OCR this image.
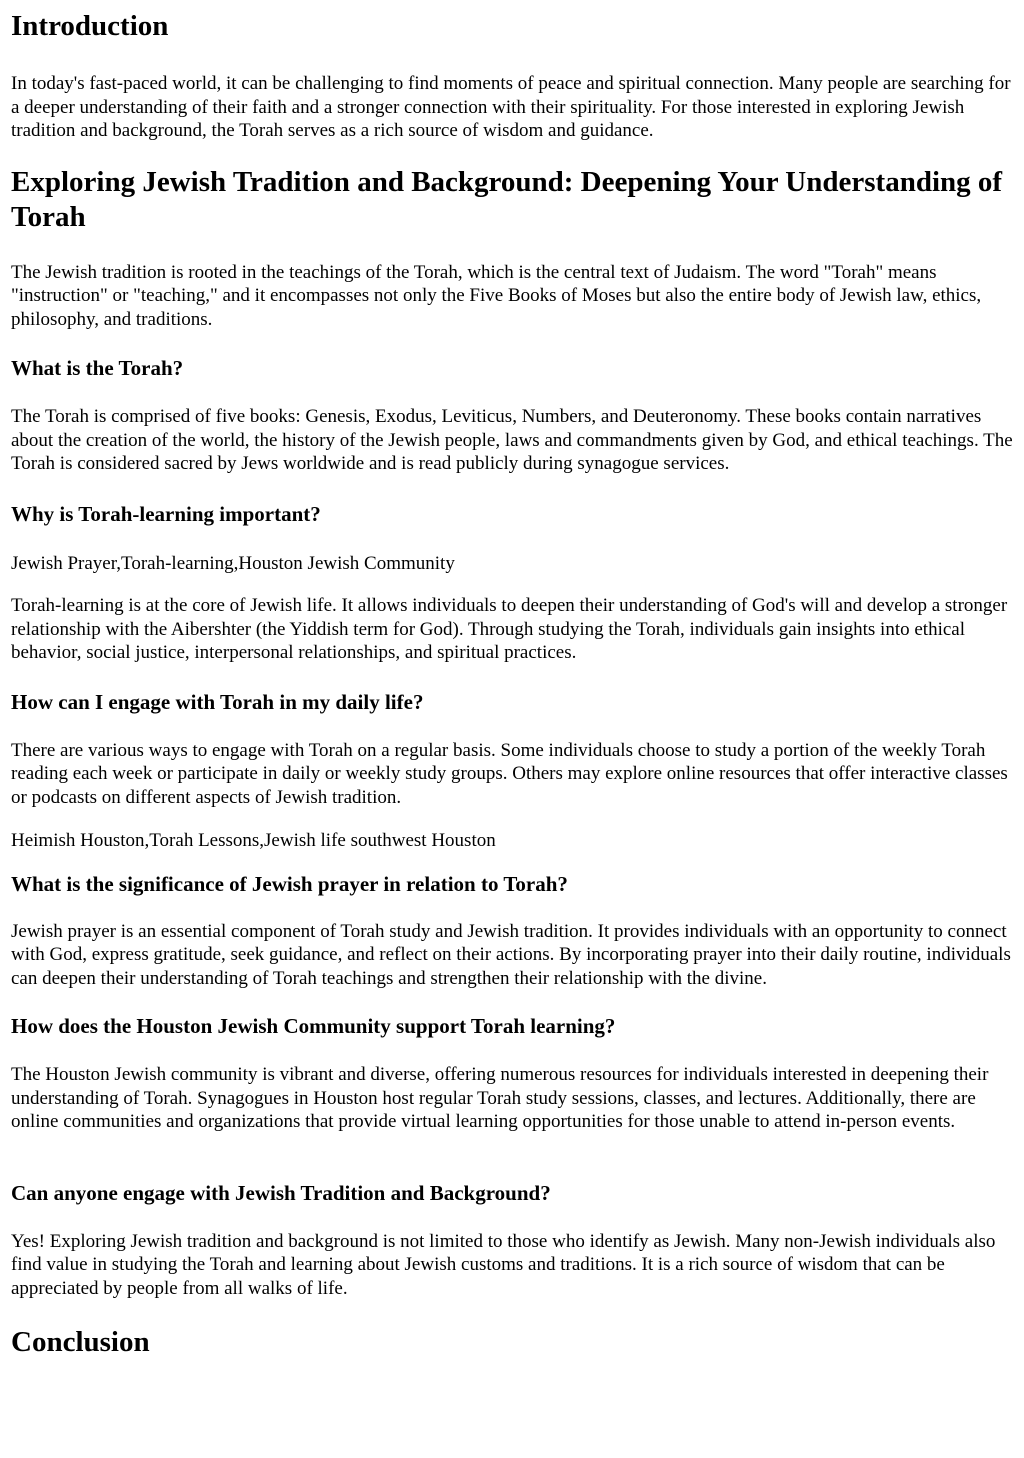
Introduction

In today's fast-paced world, it can be challenging to find moments of peace and spiritual connection. Many people are searching for a deeper understanding of their faith and a stronger connection with their spirituality. For those interested in exploring Jewish tradition and background, the Torah serves as a rich source of wisdom and guidance.

Exploring Jewish Tradition and Background: Deepening Your Understanding of Torah

The Jewish tradition is rooted in the teachings of the Torah, which is the central text of Judaism. The word "Torah" means "instruction" or "teaching," and it encompasses not only the Five Books of Moses but also the entire body of Jewish law, ethics, philosophy, and traditions.

What is the Torah?

The Torah is comprised of five books: Genesis, Exodus, Leviticus, Numbers, and Deuteronomy. These books contain narratives about the creation of the world, the history of the Jewish people, laws and commandments given by God, and ethical teachings. The Torah is considered sacred by Jews worldwide and is read publicly during synagogue services.

Why is Torah-learning important?

Jewish Prayer,Torah-learning,Houston Jewish Community

Torah-learning is at the core of Jewish life. It allows individuals to deepen their understanding of God's will and develop a stronger relationship with the Aibershter (the Yiddish term for God). Through studying the Torah, individuals gain insights into ethical behavior, social justice, interpersonal relationships, and spiritual practices.

How can I engage with Torah in my daily life?

There are various ways to engage with Torah on a regular basis. Some individuals choose to study a portion of the weekly Torah reading each week or participate in daily or weekly study groups. Others may explore online resources that offer interactive classes or podcasts on different aspects of Jewish tradition.

Heimish Houston,Torah Lessons,Jewish life southwest Houston

What is the significance of Jewish prayer in relation to Torah?

Jewish prayer is an essential component of Torah study and Jewish tradition. It provides individuals with an opportunity to connect with God, express gratitude, seek guidance, and reflect on their actions. By incorporating prayer into their daily routine, individuals can deepen their understanding of Torah teachings and strengthen their relationship with the divine.

How does the Houston Jewish Community support Torah learning?

The Houston Jewish community is vibrant and diverse, offering numerous resources for individuals interested in deepening their understanding of Torah. Synagogues in Houston host regular Torah study sessions, classes, and lectures. Additionally, there are online communities and organizations that provide virtual learning opportunities for those unable to attend in-person events.

Can anyone engage with Jewish Tradition and Background?

Yes! Exploring Jewish tradition and background is not limited to those who identify as Jewish. Many non-Jewish individuals also find value in studying the Torah and learning about Jewish customs and traditions. It is a rich source of wisdom that can be appreciated by people from all walks of life.

Conclusion
